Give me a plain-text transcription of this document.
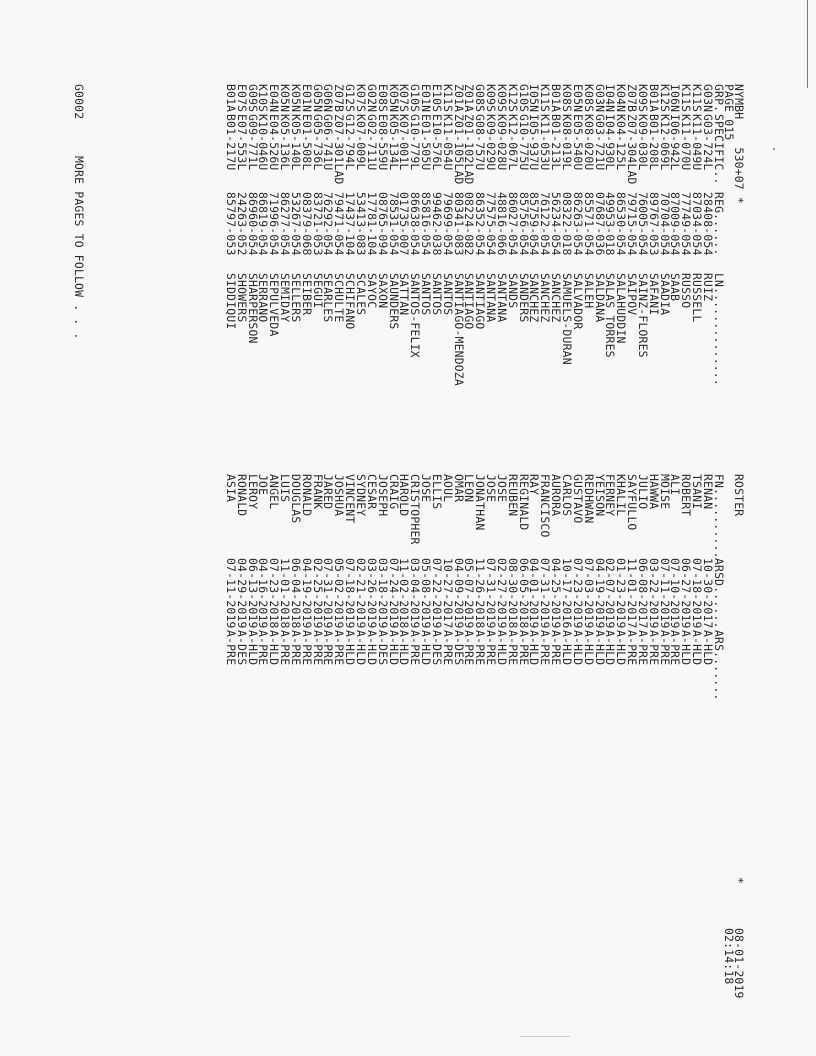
NYMBH    530+07 *
PAGE 015
ROSTER
*
08-01-2019
02:14:18
GRP.
SPECIFIC..
REG......
LN..............
FN..........
ARSD......
ARS.......
G03N
G03-724L
28408-054
RUIZ
RENAN
10-30-2017
A-HLD
K11S
K11-049U
87034-054
RUSSELL
TSANI
07-18-2019
A-HLD
K11S
K11-070U
77749-054
RUSSO
ROBERT
06-27-2019
A-HLD
I06N
I06-942L
87009-054
SAAB
ALI
07-10-2019
A-PRE
K12S
K12-069L
70704-054
SAADIA
MOISE
07-11-2019
A-PRE
B01A
B01-208L
89767-053
SAFANI
HAWWA
03-22-2019
A-PRE
K09S
K09-030L
76005-054
SAINZ-FLORES
JULIO
06-08-2017
A-PRE
Z07B
Z07-304LAD
79715-054
SAIPOV
SAYFULLO
11-01-2017
A-PRE
K04N
K04-125L
86530-054
SALAHUDDIN
KHALIL
01-23-2019
A-HLD
I04N
I04-930L
49953-018
SALAS TORRES
FERNEY
02-07-2019
A-HLD
G03N
G03-721U
07687-036
SALDANA
YEISON
04-19-2019
A-HLD
K08S
K08-020U
85571-054
SALEH
REDHWAN
07-03-2019
A-HLD
E05N
E05-540U
86263-054
SALVADOR
GUSTAVO
07-23-2019
A-HLD
K08S
K08-019L
08322-018
SAMUELS-DURAN
CARLOS
10-17-2016
A-HLD
B01A
B01-213L
56234-054
SANCHEZ
AURORA
04-25-2019
A-PRE
K11S
K11-053U
76122-054
SANCHEZ
FRANCISCO
07-31-2019
A-PRE
I05N
I05-937U
85759-054
SANCHEZ
RAY
04-01-2019
A-HLD
G10S
G10-775U
85756-054
SANDERS
REGINALD
06-05-2018
A-PRE
K12S
K12-067L
86027-054
SANDS
REUBEN
08-30-2018
A-PRE
K09S
K09-028U
48816-066
SANTANA
JOSE
02-27-2019
A-HLD
K09S
K09-029U
77575-054
SANTANA
JOSE
07-31-2019
A-PRE
G08S
G08-757U
86352-054
SANTIAGO
JONATHAN
11-26-2018
A-PRE
Z01A
Z01-102LAD
08224-082
SANTIAGO
LEON
05-07-2019
A-PRE
Z01A
Z01-105LAD
80341-083
SANTIAGO-MENDOZA
OMAR
04-09-2019
A-DES
K11S
K11-054U
79699-054
SANTOS
AOUL
10-27-2017
A-PRE
E10S
E10-576L
99462-038
SANTOS
ELLIS
07-22-2019
A-DES
E01N
E01-505U
85816-054
SANTOS
JOSE
05-08-2019
A-HLD
G10S
G10-779L
86638-054
SANTOS-FELIX
CRISTOPHER
03-04-2019
A-PRE
K07S
K07-001L
01735-007
SATTAN
HAROLD
11-02-2018
A-HLD
K05N
K05-134L
78531-054
SAUNDERS
CRAIG
07-24-2019
A-HLD
E08S
E08-559U
08765-094
SAXON
JOSEPH
03-18-2019
A-DES
G02N
G02-711U
17781-104
SAYOC
CESAR
03-26-2019
A-HLD
K07S
K07-009L
53413-083
SCALES
SYDNEY
02-21-2019
A-HLD
G12S
G12-794L
17437-104
SCHIFANO
VINCENT
07-18-2019
A-HLD
Z07B
Z07-301LAD
79471-054
SCHULTE
JOSHUA
05-02-2019
A-PRE
G06N
G06-741U
76292-054
SEARLES
JARED
07-31-2019
A-PRE
G05N
G05-736L
83721-053
SEGUI
FRANK
02-25-2019
A-PRE
E01N
E01-508L
08379-068
SEIBER
RONALD
04-19-2019
A-PRE
K05N
K05-140L
53267-054
SELLERS
DOUGLAS
06-04-2018
A-PRE
K05N
K05-136L
86277-054
SEMIDAY
LUIS
11-01-2018
A-PRE
E04N
E04-526U
71996-054
SEPULVEDA
ANGEL
07-23-2018
A-HLD
K10S
K10-046U
86819-054
SERRANO
JOE
04-16-2019
A-PRE
G09S
G09-771L
86960-054
SHARPERSON
LEROY
06-13-2019
A-HLD
E07S
E07-553L
24263-052
SHOWERS
RONALD
04-29-2019
A-DES
B01A
B01-217U
85797-053
SIDDIQUI
ASIA
07-11-2019
A-PRE
G0002
MORE PAGES TO FOLLOW . . .
